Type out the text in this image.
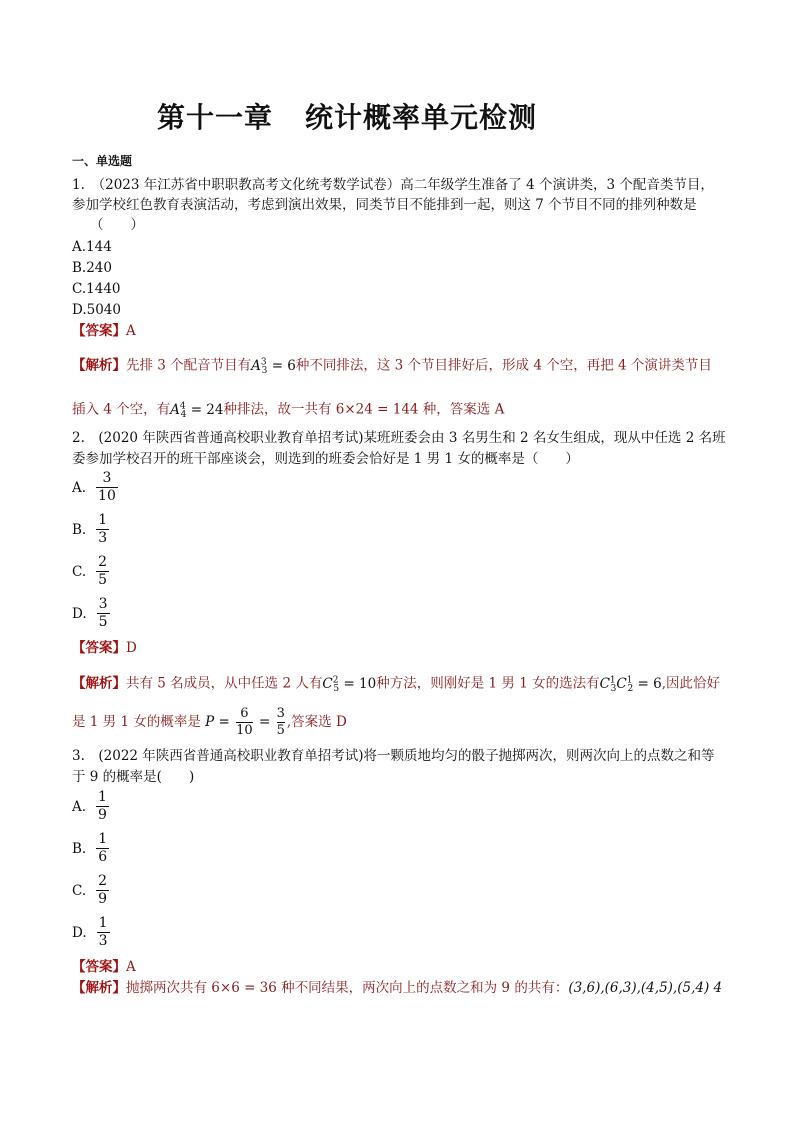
第十一章 统计概率单元检测
一、单选题
1.　（2023 年江苏省中职职教高考文化统考数学试卷）高二年级学生准备了 4 个演讲类，3 个配音类节目，
参加学校红色教育表演活动，考虑到演出效果，同类节目不能排到一起，则这 7 个节目不同的排列种数是
（　　）
A.144
B.240
C.1440
D.5040
【答案】A
【解析】先排 3 个配音节目有$A^3_3 = 6$种不同排法，这 3 个节目排好后，形成 4 个空，再把 4 个演讲类节目
插入 4 个空，有$A^4_4 = 24$种排法，故一共有 6×24 = 144 种，答案选 A
2.　(2020 年陕西省普通高校职业教育单招考试)某班班委会由 3 名男生和 2 名女生组成，现从中任选 2 名班
委参加学校召开的班干部座谈会，则选到的班委会恰好是 1 男 1 女的概率是（　　）
A. $\frac{3}{10}$
B. $\frac{1}{3}$
C. $\frac{2}{5}$
D. $\frac{3}{5}$
【答案】D
【解析】共有 5 名成员，从中任选 2 人有$C^2_5 = 10$种方法，则刚好是 1 男 1 女的选法有$C^1_3C^1_2 = 6$,因此恰好
是 1 男 1 女的概率是 $P = \frac{6}{10} = \frac{3}{5}$ ,答案选 D
3.　(2022 年陕西省普通高校职业教育单招考试)将一颗质地均匀的骰子抛掷两次，则两次向上的点数之和等
于 9 的概率是(　　)
A. $\frac{1}{9}$
B. $\frac{1}{6}$
C. $\frac{2}{9}$
D. $\frac{1}{3}$
【答案】A
【解析】抛掷两次共有 6×6 = 36 种不同结果，两次向上的点数之和为 9 的共有：(3,6),(6,3),(4,5),(5,4) 4
